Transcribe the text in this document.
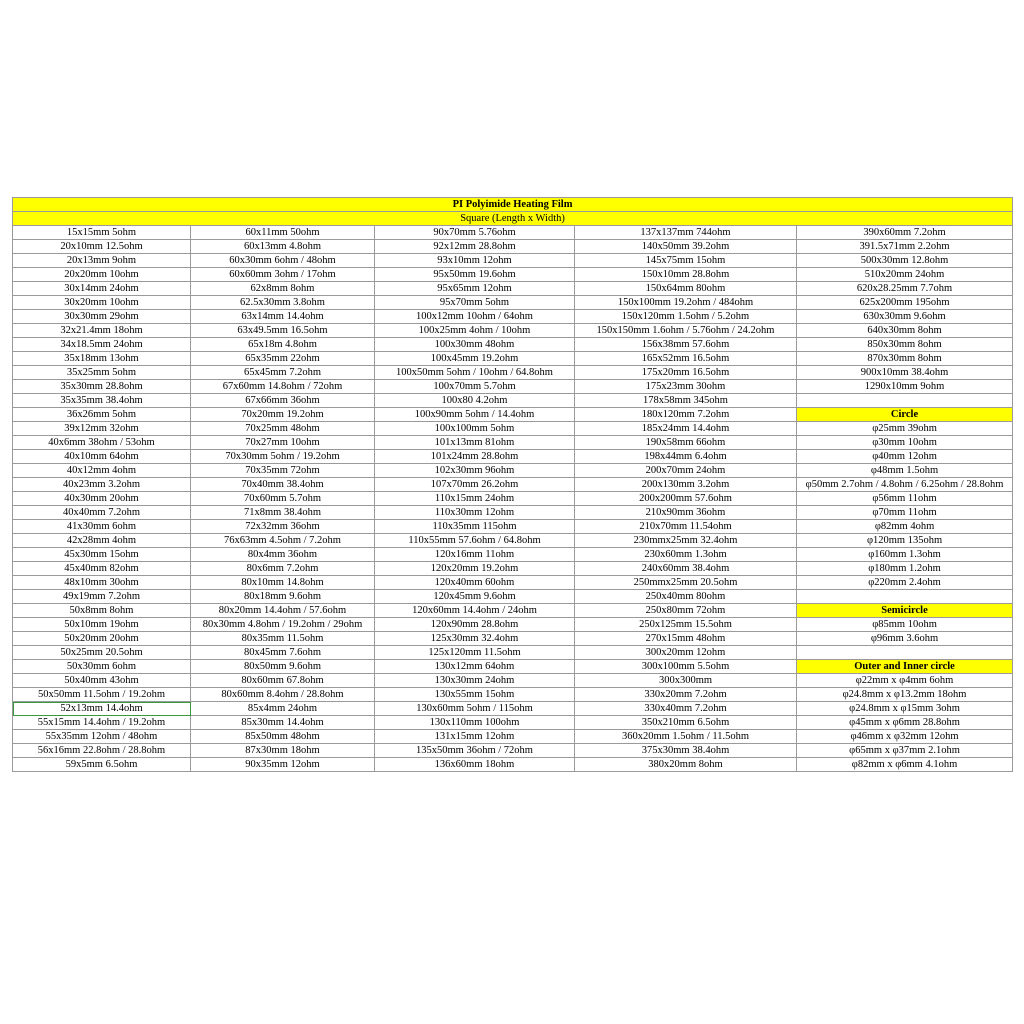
PI Polyimide Heating Film				
Square (Length x Width)				
15x15mm 5ohm	60x11mm 50ohm	90x70mm 5.76ohm	137x137mm 744ohm	390x60mm 7.2ohm
20x10mm 12.5ohm	60x13mm 4.8ohm	92x12mm 28.8ohm	140x50mm 39.2ohm	391.5x71mm 2.2ohm
20x13mm 9ohm	60x30mm 6ohm / 48ohm	93x10mm 12ohm	145x75mm 15ohm	500x30mm 12.8ohm
20x20mm 10ohm	60x60mm 3ohm / 17ohm	95x50mm 19.6ohm	150x10mm 28.8ohm	510x20mm 24ohm
30x14mm 24ohm	62x8mm 8ohm	95x65mm 12ohm	150x64mm 80ohm	620x28.25mm 7.7ohm
30x20mm 10ohm	62.5x30mm 3.8ohm	95x70mm 5ohm	150x100mm 19.2ohm / 484ohm	625x200mm 195ohm
30x30mm 29ohm	63x14mm 14.4ohm	100x12mm 10ohm / 64ohm	150x120mm 1.5ohm / 5.2ohm	630x30mm 9.6ohm
32x21.4mm 18ohm	63x49.5mm 16.5ohm	100x25mm 4ohm / 10ohm	150x150mm 1.6ohm / 5.76ohm / 24.2ohm	640x30mm 8ohm
34x18.5mm 24ohm	65x18m 4.8ohm	100x30mm 48ohm	156x38mm 57.6ohm	850x30mm 8ohm
35x18mm 13ohm	65x35mm 22ohm	100x45mm 19.2ohm	165x52mm 16.5ohm	870x30mm 8ohm
35x25mm 5ohm	65x45mm 7.2ohm	100x50mm 5ohm / 10ohm / 64.8ohm	175x20mm 16.5ohm	900x10mm 38.4ohm
35x30mm 28.8ohm	67x60mm 14.8ohm / 72ohm	100x70mm 5.7ohm	175x23mm 30ohm	1290x10mm 9ohm
35x35mm 38.4ohm	67x66mm 36ohm	100x80 4.2ohm	178x58mm 345ohm	
36x26mm 5ohm	70x20mm 19.2ohm	100x90mm 5ohm / 14.4ohm	180x120mm 7.2ohm	Circle
39x12mm 32ohm	70x25mm 48ohm	100x100mm 5ohm	185x24mm 14.4ohm	φ25mm 39ohm
40x6mm 38ohm / 53ohm	70x27mm 10ohm	101x13mm 81ohm	190x58mm 66ohm	φ30mm 10ohm
40x10mm 64ohm	70x30mm 5ohm / 19.2ohm	101x24mm 28.8ohm	198x44mm 6.4ohm	φ40mm 12ohm
40x12mm 4ohm	70x35mm 72ohm	102x30mm 96ohm	200x70mm 24ohm	φ48mm 1.5ohm
40x23mm 3.2ohm	70x40mm 38.4ohm	107x70mm 26.2ohm	200x130mm 3.2ohm	φ50mm 2.7ohm / 4.8ohm / 6.25ohm / 28.8ohm
40x30mm 20ohm	70x60mm 5.7ohm	110x15mm 24ohm	200x200mm 57.6ohm	φ56mm 11ohm
40x40mm 7.2ohm	71x8mm 38.4ohm	110x30mm 12ohm	210x90mm 36ohm	φ70mm 11ohm
41x30mm 6ohm	72x32mm 36ohm	110x35mm 115ohm	210x70mm 11.54ohm	φ82mm 4ohm
42x28mm 4ohm	76x63mm 4.5ohm / 7.2ohm	110x55mm 57.6ohm / 64.8ohm	230mmx25mm 32.4ohm	φ120mm 135ohm
45x30mm 15ohm	80x4mm 36ohm	120x16mm 11ohm	230x60mm 1.3ohm	φ160mm 1.3ohm
45x40mm 82ohm	80x6mm 7.2ohm	120x20mm 19.2ohm	240x60mm 38.4ohm	φ180mm 1.2ohm
48x10mm 30ohm	80x10mm 14.8ohm	120x40mm 60ohm	250mmx25mm 20.5ohm	φ220mm 2.4ohm
49x19mm 7.2ohm	80x18mm 9.6ohm	120x45mm 9.6ohm	250x40mm 80ohm	
50x8mm 8ohm	80x20mm 14.4ohm / 57.6ohm	120x60mm 14.4ohm / 24ohm	250x80mm 72ohm	Semicircle
50x10mm 19ohm	80x30mm 4.8ohm / 19.2ohm / 29ohm	120x90mm 28.8ohm	250x125mm 15.5ohm	φ85mm 10ohm
50x20mm 20ohm	80x35mm 11.5ohm	125x30mm 32.4ohm	270x15mm 48ohm	φ96mm 3.6ohm
50x25mm 20.5ohm	80x45mm 7.6ohm	125x120mm 11.5ohm	300x20mm 12ohm	
50x30mm 6ohm	80x50mm 9.6ohm	130x12mm 64ohm	300x100mm 5.5ohm	Outer and Inner circle
50x40mm 43ohm	80x60mm 67.8ohm	130x30mm 24ohm	300x300mm	φ22mm x φ4mm 6ohm
50x50mm 11.5ohm / 19.2ohm	80x60mm 8.4ohm / 28.8ohm	130x55mm 15ohm	330x20mm 7.2ohm	φ24.8mm x φ13.2mm 18ohm
52x13mm 14.4ohm	85x4mm 24ohm	130x60mm 5ohm / 115ohm	330x40mm 7.2ohm	φ24.8mm x φ15mm 3ohm
55x15mm 14.4ohm / 19.2ohm	85x30mm 14.4ohm	130x110mm 100ohm	350x210mm 6.5ohm	φ45mm x φ6mm 28.8ohm
55x35mm 12ohm / 48ohm	85x50mm 48ohm	131x15mm 12ohm	360x20mm 1.5ohm / 11.5ohm	φ46mm x φ32mm 12ohm
56x16mm 22.8ohm / 28.8ohm	87x30mm 18ohm	135x50mm 36ohm / 72ohm	375x30mm 38.4ohm	φ65mm x φ37mm 2.1ohm
59x5mm 6.5ohm	90x35mm 12ohm	136x60mm 18ohm	380x20mm 8ohm	φ82mm x φ6mm 4.1ohm
